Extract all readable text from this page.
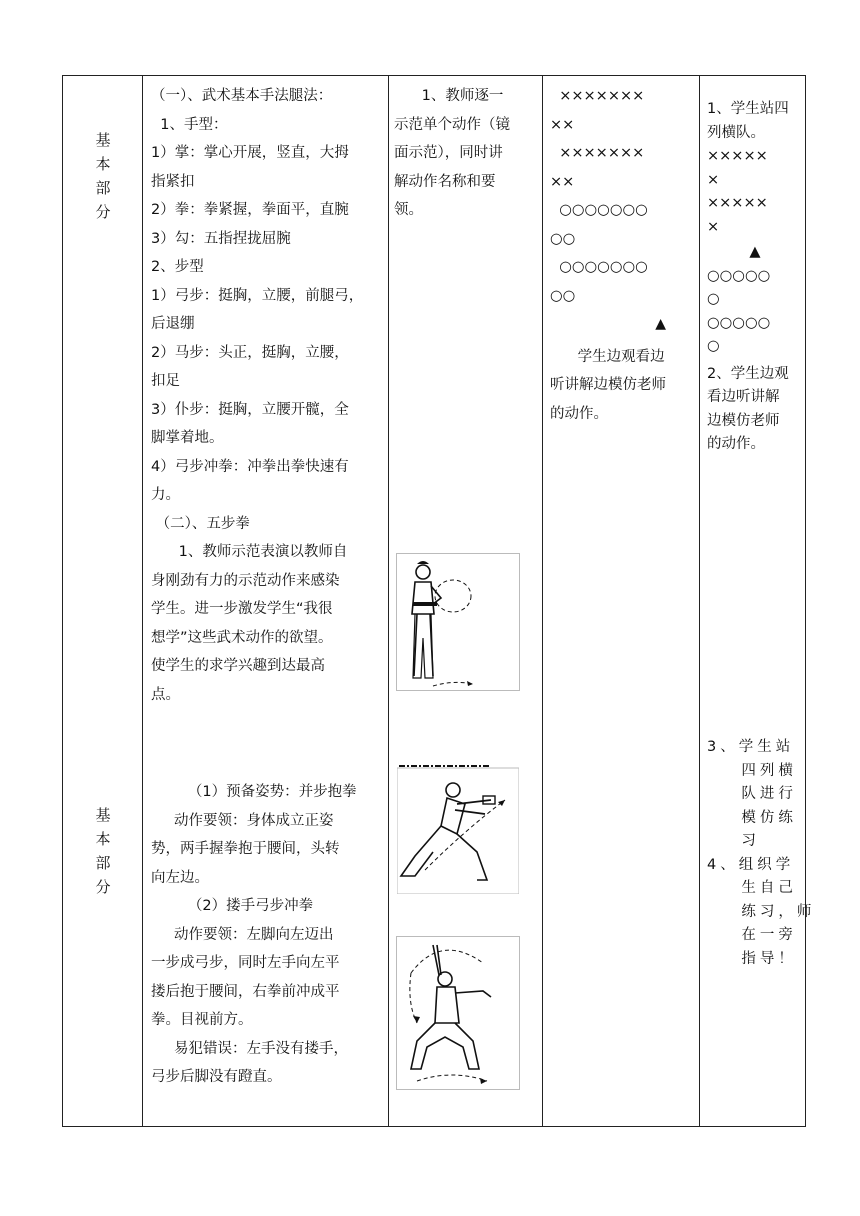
基
本
部
分
基
本
部
分
（一）、武术基本手法腿法：
1、手型：
1）掌：掌心开展，竖直，大拇
指紧扣
2）拳：拳紧握，拳面平，直腕
3）勾：五指捏拢屈腕
2、步型
1）弓步：挺胸，立腰，前腿弓，
后退绷
2）马步：头正，挺胸，立腰，
扣足
3）仆步：挺胸，立腰开髋，全
脚掌着地。
4）弓步冲拳：冲拳出拳快速有
力。
（二）、五步拳
1、教师示范表演以教师自
身刚劲有力的示范动作来感染
学生。进一步激发学生“我很
想学”这些武术动作的欲望。
使学生的求学兴趣到达最高
点。
（1）预备姿势：并步抱拳
动作要领：身体成立正姿
势，两手握拳抱于腰间，头转
向左边。
（2）搂手弓步冲拳
动作要领：左脚向左迈出
一步成弓步，同时左手向左平
搂后抱于腰间，右拳前冲成平
拳。目视前方。
易犯错误：左手没有搂手，
弓步后脚没有蹬直。
1、教师逐一
示范单个动作（镜
面示范），同时讲
解动作名称和要
领。
×××××××
××
×××××××
××
○○○○○○○
○○
○○○○○○○
○○
▲
学生边观看边
听讲解边模仿老师
的动作。
1、学生站四
列横队。
×××××
×
×××××
×
▲
○○○○○
○
○○○○○
○
2、学生边观
看边听讲解
边模仿老师
的动作。
3、学生站
四列横
队进行
模仿练
习
4、组织学
生自己
练习，师
在一旁
指导！
